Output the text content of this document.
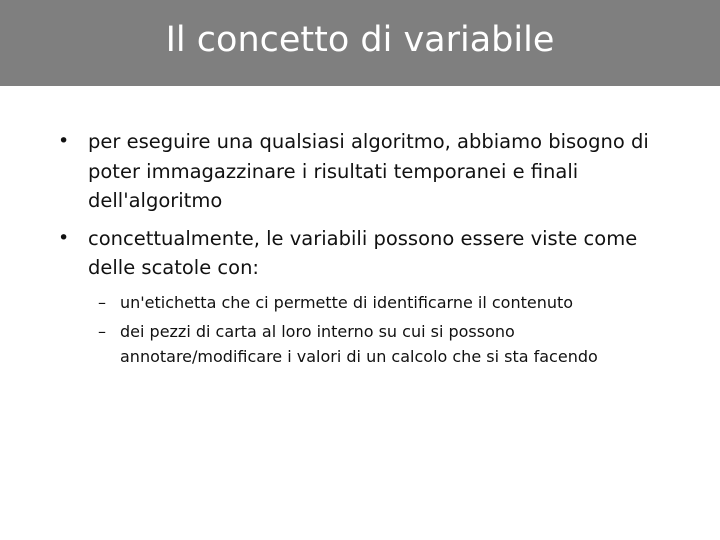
Il concetto di variabile
• per eseguire una qualsiasi algoritmo, abbiamo bisogno di poter immagazzinare i risultati temporanei e finali dell'algoritmo
• concettualmente, le variabili possono essere viste come delle scatole con:
– un'etichetta che ci permette di identificarne il contenuto
– dei pezzi di carta al loro interno su cui si possono annotare/modificare i valori di un calcolo che si sta facendo
